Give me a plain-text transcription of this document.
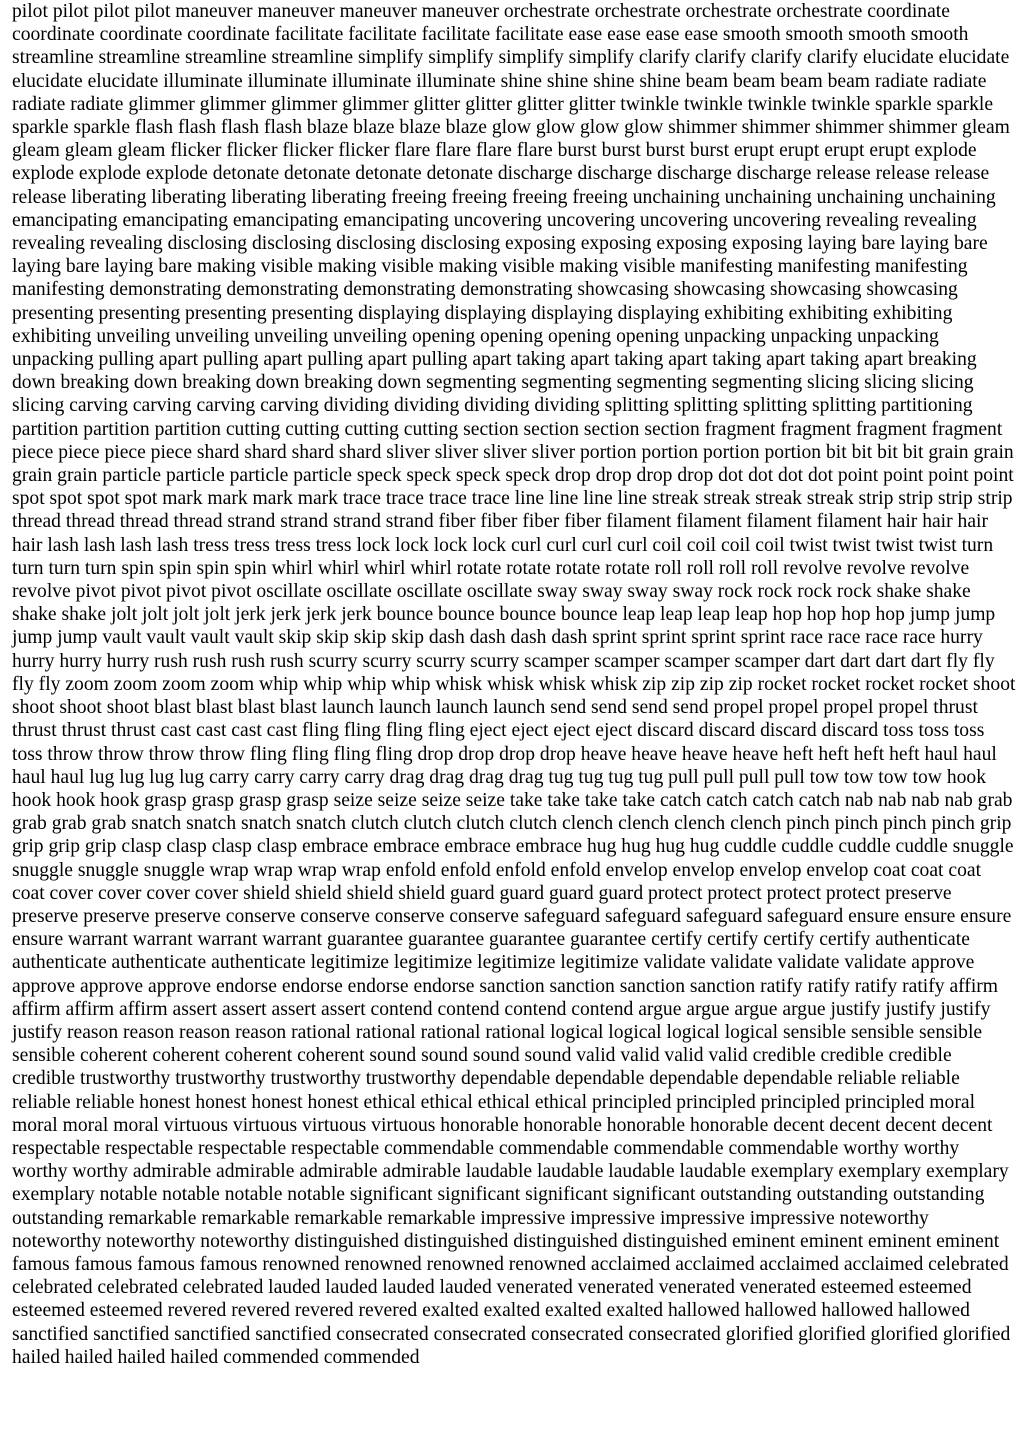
pilot pilot pilot pilot maneuver maneuver maneuver maneuver orchestrate orchestrate orchestrate orchestrate coordinate coordinate coordinate coordinate facilitate facilitate facilitate facilitate ease ease ease ease smooth smooth smooth smooth streamline streamline streamline streamline simplify simplify simplify simplify clarify clarify clarify clarify elucidate elucidate elucidate elucidate illuminate illuminate illuminate illuminate shine shine shine shine beam beam beam beam radiate radiate radiate radiate glimmer glimmer glimmer glimmer glitter glitter glitter glitter twinkle twinkle twinkle twinkle sparkle sparkle sparkle sparkle flash flash flash flash blaze blaze blaze blaze glow glow glow glow shimmer shimmer shimmer shimmer gleam gleam gleam gleam flicker flicker flicker flicker flare flare flare flare burst burst burst burst erupt erupt erupt erupt explode explode explode explode detonate detonate detonate detonate discharge discharge discharge discharge release release release release liberating liberating liberating liberating freeing freeing freeing freeing unchaining unchaining unchaining unchaining emancipating emancipating emancipating emancipating uncovering uncovering uncovering uncovering revealing revealing revealing revealing disclosing disclosing disclosing disclosing exposing exposing exposing exposing laying bare laying bare laying bare laying bare making visible making visible making visible making visible manifesting manifesting manifesting manifesting demonstrating demonstrating demonstrating demonstrating showcasing showcasing showcasing showcasing presenting presenting presenting presenting displaying displaying displaying displaying exhibiting exhibiting exhibiting exhibiting unveiling unveiling unveiling unveiling opening opening opening opening unpacking unpacking unpacking unpacking pulling apart pulling apart pulling apart pulling apart taking apart taking apart taking apart taking apart breaking down breaking down breaking down breaking down segmenting segmenting segmenting segmenting slicing slicing slicing slicing carving carving carving carving dividing dividing dividing dividing splitting splitting splitting splitting partitioning partition partition partition cutting cutting cutting cutting section section section section fragment fragment fragment fragment piece piece piece piece shard shard shard shard sliver sliver sliver sliver portion portion portion portion bit bit bit bit grain grain grain grain particle particle particle particle speck speck speck speck drop drop drop drop dot dot dot dot point point point point spot spot spot spot mark mark mark mark trace trace trace trace line line line line streak streak streak streak strip strip strip strip thread thread thread thread strand strand strand strand fiber fiber fiber fiber filament filament filament filament hair hair hair hair lash lash lash lash tress tress tress tress lock lock lock lock curl curl curl curl coil coil coil coil twist twist twist twist turn turn turn turn spin spin spin spin whirl whirl whirl whirl rotate rotate rotate rotate roll roll roll roll revolve revolve revolve revolve pivot pivot pivot pivot oscillate oscillate oscillate oscillate sway sway sway sway rock rock rock rock shake shake shake shake jolt jolt jolt jolt jerk jerk jerk jerk bounce bounce bounce bounce leap leap leap leap hop hop hop hop jump jump jump jump vault vault vault vault skip skip skip skip dash dash dash dash sprint sprint sprint sprint race race race race hurry hurry hurry hurry rush rush rush rush scurry scurry scurry scurry scamper scamper scamper scamper dart dart dart dart fly fly fly fly zoom zoom zoom zoom whip whip whip whip whisk whisk whisk whisk zip zip zip zip rocket rocket rocket rocket shoot shoot shoot shoot blast blast blast blast launch launch launch launch send send send send propel propel propel propel thrust thrust thrust thrust cast cast cast cast fling fling fling fling eject eject eject eject discard discard discard discard toss toss toss toss throw throw throw throw fling fling fling fling drop drop drop drop heave heave heave heave heft heft heft heft haul haul haul haul lug lug lug lug carry carry carry carry drag drag drag drag tug tug tug tug pull pull pull pull tow tow tow tow hook hook hook hook grasp grasp grasp grasp seize seize seize seize take take take take catch catch catch catch nab nab nab nab grab grab grab grab snatch snatch snatch snatch clutch clutch clutch clutch clench clench clench clench pinch pinch pinch pinch grip grip grip grip clasp clasp clasp clasp embrace embrace embrace embrace hug hug hug hug cuddle cuddle cuddle cuddle snuggle snuggle snuggle snuggle wrap wrap wrap wrap enfold enfold enfold enfold envelop envelop envelop envelop coat coat coat coat cover cover cover cover shield shield shield shield guard guard guard guard protect protect protect protect preserve preserve preserve preserve conserve conserve conserve conserve safeguard safeguard safeguard safeguard ensure ensure ensure ensure warrant warrant warrant warrant guarantee guarantee guarantee guarantee certify certify certify certify authenticate authenticate authenticate authenticate legitimize legitimize legitimize legitimize validate validate validate validate approve approve approve approve endorse endorse endorse endorse sanction sanction sanction sanction ratify ratify ratify ratify affirm affirm affirm affirm assert assert assert assert contend contend contend contend argue argue argue argue justify justify justify justify reason reason reason reason rational rational rational rational logical logical logical logical sensible sensible sensible sensible coherent coherent coherent coherent sound sound sound sound valid valid valid valid credible credible credible credible trustworthy trustworthy trustworthy trustworthy dependable dependable dependable dependable reliable reliable reliable reliable honest honest honest honest ethical ethical ethical ethical principled principled principled principled moral moral moral moral virtuous virtuous virtuous virtuous honorable honorable honorable honorable decent decent decent decent respectable respectable respectable respectable commendable commendable commendable commendable worthy worthy worthy worthy admirable admirable admirable admirable laudable laudable laudable laudable exemplary exemplary exemplary exemplary notable notable notable notable significant significant significant significant outstanding outstanding outstanding outstanding remarkable remarkable remarkable remarkable impressive impressive impressive impressive noteworthy noteworthy noteworthy noteworthy distinguished distinguished distinguished distinguished eminent eminent eminent eminent famous famous famous famous renowned renowned renowned renowned acclaimed acclaimed acclaimed acclaimed celebrated celebrated celebrated celebrated lauded lauded lauded lauded venerated venerated venerated venerated esteemed esteemed esteemed esteemed revered revered revered revered exalted exalted exalted exalted hallowed hallowed hallowed hallowed sanctified sanctified sanctified sanctified consecrated consecrated consecrated consecrated glorified glorified glorified glorified hailed hailed hailed hailed commended commended
